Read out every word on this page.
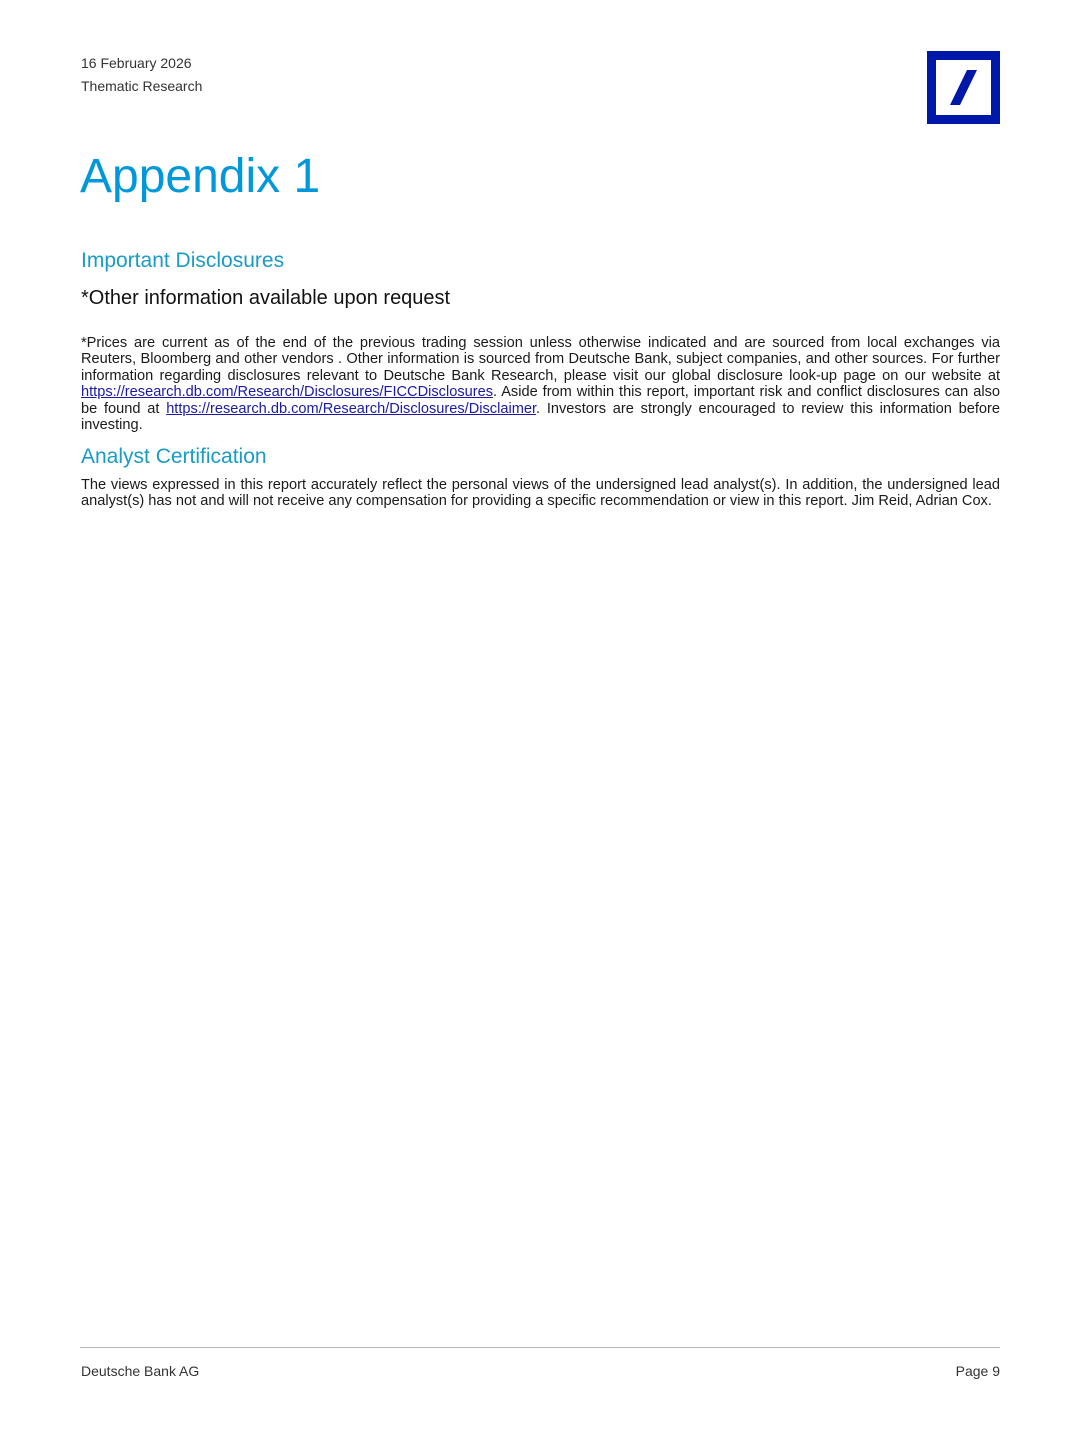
16 February 2026
Thematic Research
Appendix 1
Important Disclosures

*Other information available upon request

*Prices are current as of the end of the previous trading session unless otherwise indicated and are sourced from local exchanges via Reuters, Bloomberg and other vendors . Other information is sourced from Deutsche Bank, subject companies, and other sources. For further information regarding disclosures relevant to Deutsche Bank Research, please visit our global disclosure look-up page on our website at https://research.db.com/Research/Disclosures/FICCDisclosures. Aside from within this report, important risk and conflict disclosures can also be found at https://research.db.com/Research/Disclosures/Disclaimer. Investors are strongly encouraged to review this information before investing.

Analyst Certification

The views expressed in this report accurately reflect the personal views of the undersigned lead analyst(s). In addition, the undersigned lead analyst(s) has not and will not receive any compensation for providing a specific recommendation or view in this report. Jim Reid, Adrian Cox.

Deutsche Bank AG	Page 9
